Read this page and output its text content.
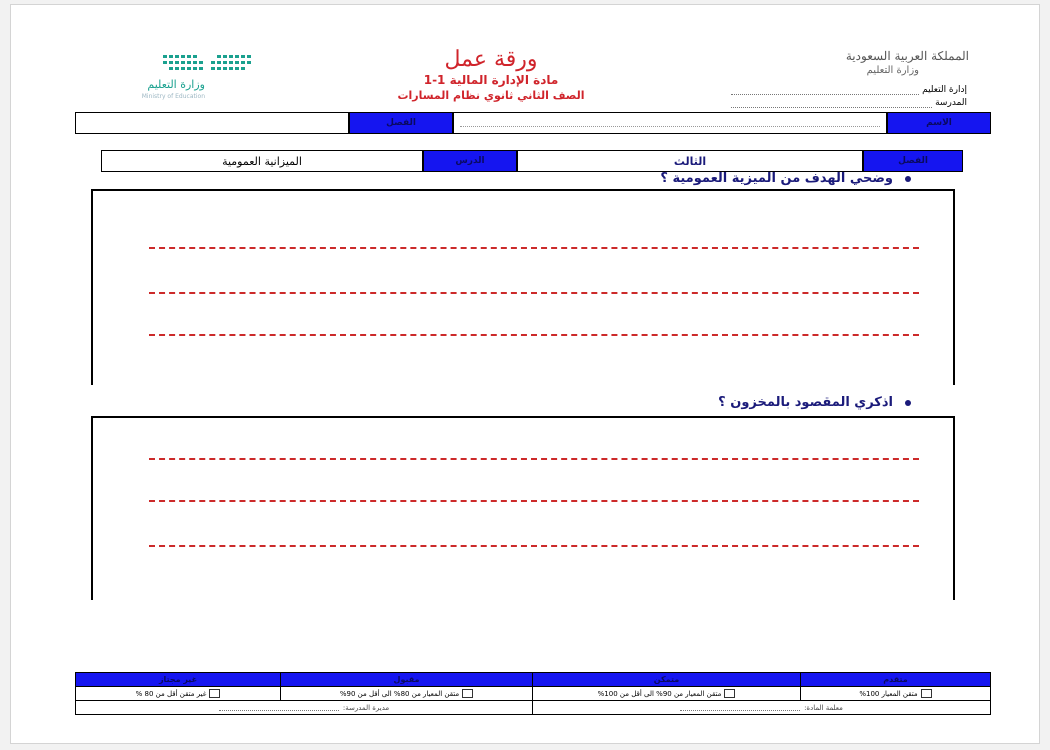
وزارة التعليم
Ministry of Education
ورقة عمل
مادة الإدارة المالية 1-1
الصف الثاني ثانوي نظام المسارات
المملكة العربية السعودية
وزارة التعليم
إدارة التعليم
المدرسة
الاسم
الفصل
الفصل
الثالث
الدرس
الميزانية العمومية
وضحي الهدف من الميزية العمومية ؟
اذكري المقصود بالمخزون ؟
متقدم
متمكن
مقبول
غير مجتاز
متقن المعيار 100%
متقن المعيار من 90% الى أقل من 100%
متقن المعيار من 80% الى أقل من 90%
غير متقن أقل من 80 %
معلمة المادة:
مديرة المدرسة:
